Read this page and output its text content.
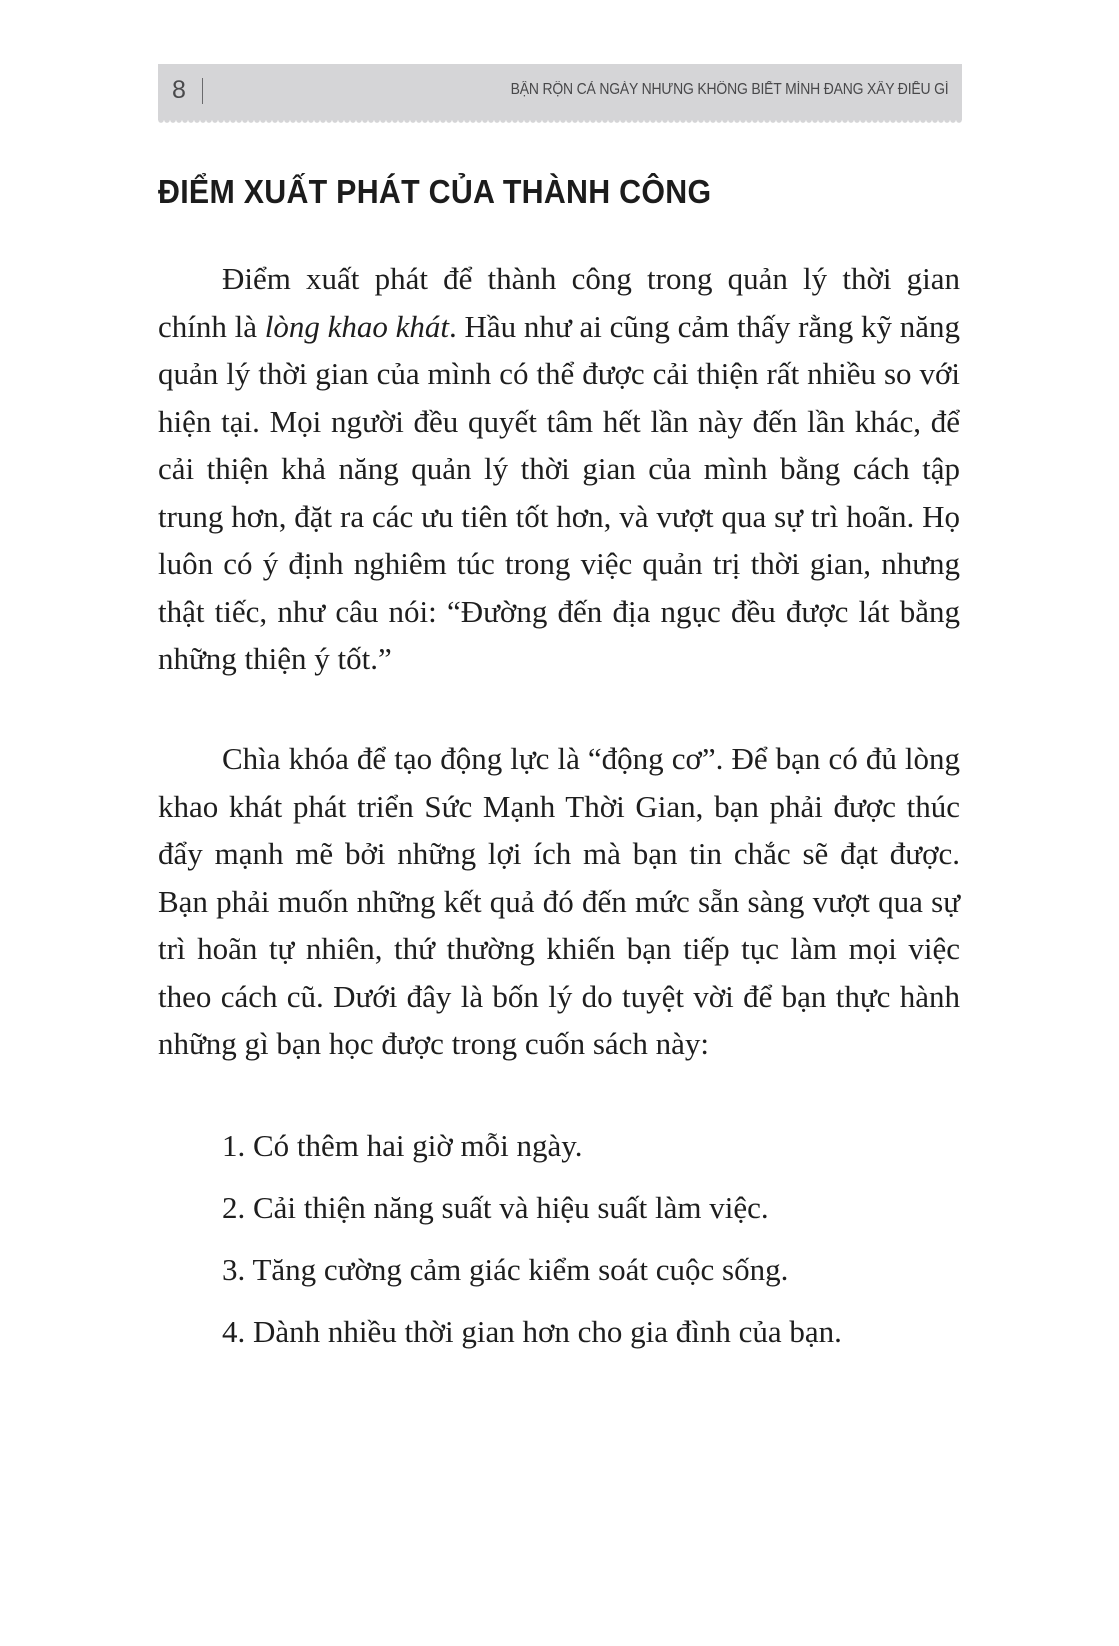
8	BẬN RỘN CẢ NGÀY NHƯNG KHÔNG BIẾT MÌNH ĐANG XÂY ĐIỀU GÌ
ĐIỂM XUẤT PHÁT CỦA THÀNH CÔNG

Điểm xuất phát để thành công trong quản lý thời gian chính là lòng khao khát. Hầu như ai cũng cảm thấy rằng kỹ năng quản lý thời gian của mình có thể được cải thiện rất nhiều so với hiện tại. Mọi người đều quyết tâm hết lần này đến lần khác, để cải thiện khả năng quản lý thời gian của mình bằng cách tập trung hơn, đặt ra các ưu tiên tốt hơn, và vượt qua sự trì hoãn. Họ luôn có ý định nghiêm túc trong việc quản trị thời gian, nhưng thật tiếc, như câu nói: “Đường đến địa ngục đều được lát bằng những thiện ý tốt.”

Chìa khóa để tạo động lực là “động cơ”. Để bạn có đủ lòng khao khát phát triển Sức Mạnh Thời Gian, bạn phải được thúc đẩy mạnh mẽ bởi những lợi ích mà bạn tin chắc sẽ đạt được. Bạn phải muốn những kết quả đó đến mức sẵn sàng vượt qua sự trì hoãn tự nhiên, thứ thường khiến bạn tiếp tục làm mọi việc theo cách cũ. Dưới đây là bốn lý do tuyệt vời để bạn thực hành những gì bạn học được trong cuốn sách này:

1. Có thêm hai giờ mỗi ngày.
2. Cải thiện năng suất và hiệu suất làm việc.
3. Tăng cường cảm giác kiểm soát cuộc sống.
4. Dành nhiều thời gian hơn cho gia đình của bạn.
